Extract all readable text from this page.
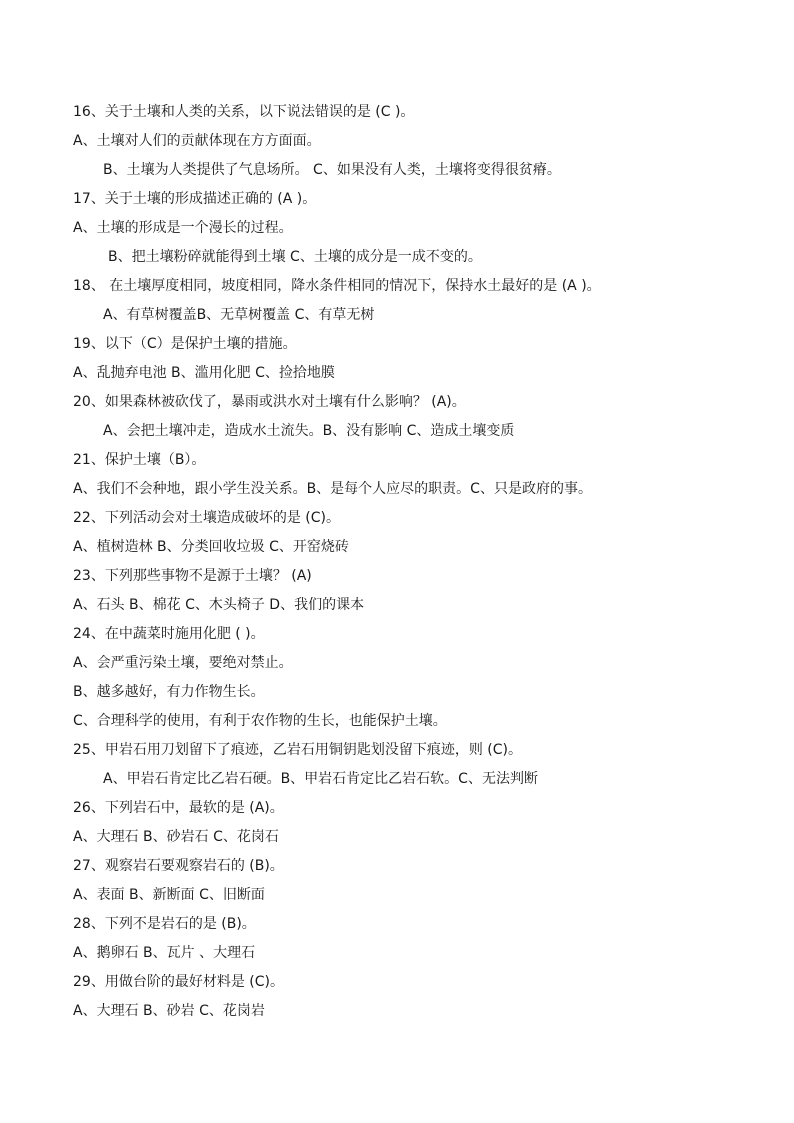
16、关于土壤和人类的关系，以下说法错误的是 (C )。
A、土壤对人们的贡献体现在方方面面。
B、土壤为人类提供了气息场所。 C、如果没有人类，土壤将变得很贫瘠。
17、关于土壤的形成描述正确的 (A )。
A、土壤的形成是一个漫长的过程。
B、把土壤粉碎就能得到土壤 C、土壤的成分是一成不变的。
18、 在土壤厚度相同，坡度相同，降水条件相同的情况下，保持水土最好的是 (A )。
A、有草树覆盖B、无草树覆盖 C、有草无树
19、以下（C）是保护土壤的措施。
A、乱抛弃电池 B、滥用化肥 C、捡拾地膜
20、如果森林被砍伐了，暴雨或洪水对土壤有什么影响？ (A)。
A、会把土壤冲走，造成水土流失。B、没有影响 C、造成土壤变质
21、保护土壤（B）。
A、我们不会种地，跟小学生没关系。B、是每个人应尽的职责。C、只是政府的事。
22、下列活动会对土壤造成破坏的是 (C)。
A、植树造林 B、分类回收垃圾 C、开窑烧砖
23、下列那些事物不是源于土壤？ (A)
A、石头 B、棉花 C、木头椅子 D、我们的课本
24、在中蔬菜时施用化肥 ( )。
A、会严重污染土壤，要绝对禁止。
B、越多越好，有力作物生长。
C、合理科学的使用，有利于农作物的生长，也能保护土壤。
25、甲岩石用刀划留下了痕迹，乙岩石用铜钥匙划没留下痕迹，则 (C)。
A、甲岩石肯定比乙岩石硬。B、甲岩石肯定比乙岩石软。C、无法判断
26、下列岩石中，最软的是 (A)。
A、大理石 B、砂岩石 C、花岗石
27、观察岩石要观察岩石的 (B)。
A、表面 B、新断面 C、旧断面
28、下列不是岩石的是 (B)。
A、鹅卵石 B、瓦片 、大理石
29、用做台阶的最好材料是 (C)。
A、大理石 B、砂岩 C、花岗岩
